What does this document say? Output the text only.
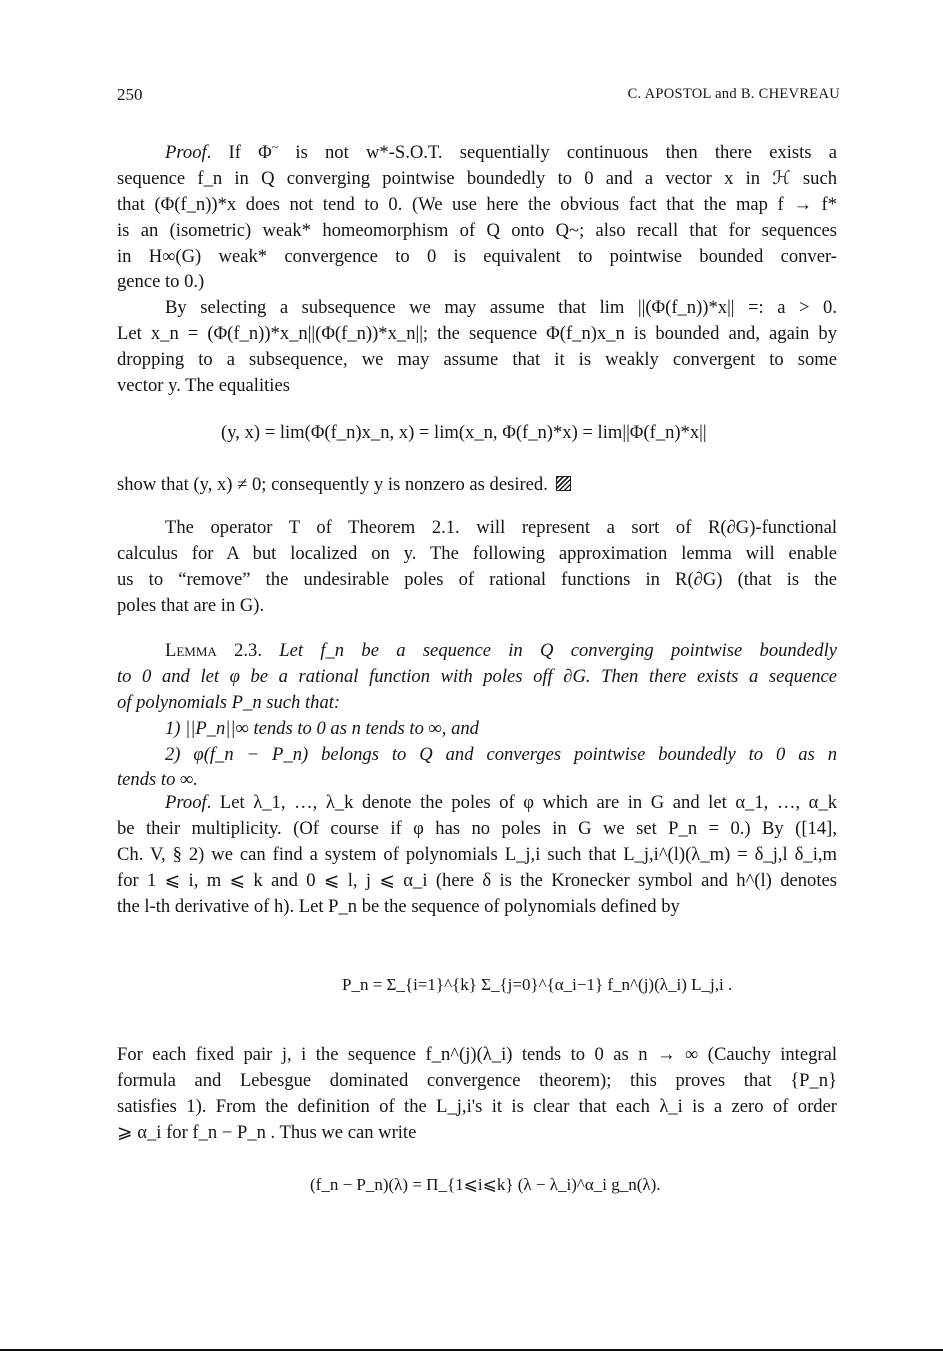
250	C. APOSTOL and B. CHEVREAU
Proof. If Φ~ is not w*-S.O.T. sequentially continuous then there exists a
sequence f_n in Q converging pointwise boundedly to 0 and a vector x in ℋ such
that (Φ(f_n))*x does not tend to 0. (We use here the obvious fact that the map f → f*
is an (isometric) weak* homeomorphism of Q onto Q~; also recall that for sequences
in H∞(G) weak* convergence to 0 is equivalent to pointwise bounded conver-
gence to 0.)
By selecting a subsequence we may assume that lim ||(Φ(f_n))*x|| =: a > 0.
Let x_n = (Φ(f_n))*x_n||(Φ(f_n))*x_n||; the sequence Φ(f_n)x_n is bounded and, again by
dropping to a subsequence, we may assume that it is weakly convergent to some
vector y. The equalities
(y, x) = lim(Φ(f_n)x_n, x) = lim(x_n, Φ(f_n)*x) = lim||Φ(f_n)*x||
show that (y, x) ≠ 0; consequently y is nonzero as desired.
The operator T of Theorem 2.1. will represent a sort of R(∂G)-functional
calculus for A but localized on y. The following approximation lemma will enable
us to “remove” the undesirable poles of rational functions in R(∂G) (that is the
poles that are in G).
Lemma 2.3. Let f_n be a sequence in Q converging pointwise boundedly
to 0 and let φ be a rational function with poles off ∂G. Then there exists a sequence
of polynomials P_n such that:
1) ||P_n||∞ tends to 0 as n tends to ∞, and
2) φ(f_n − P_n) belongs to Q and converges pointwise boundedly to 0 as n
tends to ∞.
Proof. Let λ_1, …, λ_k denote the poles of φ which are in G and let α_1, …, α_k
be their multiplicity. (Of course if φ has no poles in G we set P_n = 0.) By ([14],
Ch. V, § 2) we can find a system of polynomials L_j,i such that L_j,i^(l)(λ_m) = δ_j,l δ_i,m
for 1 ⩽ i, m ⩽ k and 0 ⩽ l, j ⩽ α_i (here δ is the Kronecker symbol and h^(l) denotes
the l-th derivative of h). Let P_n be the sequence of polynomials defined by
P_n = Σ_{i=1}^{k} Σ_{j=0}^{α_i−1} f_n^(j)(λ_i) L_j,i .
For each fixed pair j, i the sequence f_n^(j)(λ_i) tends to 0 as n → ∞ (Cauchy integral
formula and Lebesgue dominated convergence theorem); this proves that {P_n}
satisfies 1). From the definition of the L_j,i's it is clear that each λ_i is a zero of order
⩾ α_i for f_n − P_n . Thus we can write
(f_n − P_n)(λ) = Π_{1⩽i⩽k} (λ − λ_i)^α_i g_n(λ).
